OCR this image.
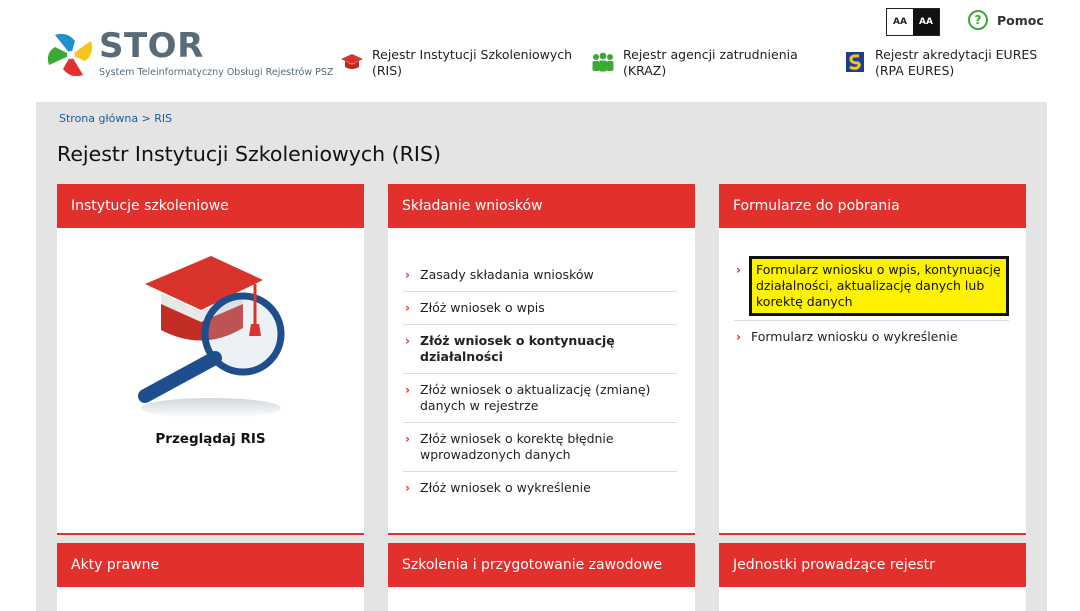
STOR
System Teleinformatyczny Obsługi Rejestrów PSZ
Rejestr Instytucji Szkoleniowych
(RIS)
Rejestr agencji zatrudnienia
(KRAZ)
Rejestr akredytacji EURES
(RPA EURES)
AA	AA	?	Pomoc
Strona główna > RIS
Rejestr Instytucji Szkoleniowych (RIS)
Instytucje szkoleniowe
Przeglądaj RIS
Składanie wniosków
› Zasady składania wniosków
› Złóż wniosek o wpis
› Złóż wniosek o kontynuację działalności
› Złóż wniosek o aktualizację (zmianę) danych w rejestrze
› Złóż wniosek o korektę błędnie wprowadzonych danych
› Złóż wniosek o wykreślenie
Formularze do pobrania
›	Formularz wniosku o wpis, kontynuację działalności, aktualizację danych lub korektę danych
› Formularz wniosku o wykreślenie
Akty prawne	Szkolenia i przygotowanie zawodowe	Jednostki prowadzące rejestr
